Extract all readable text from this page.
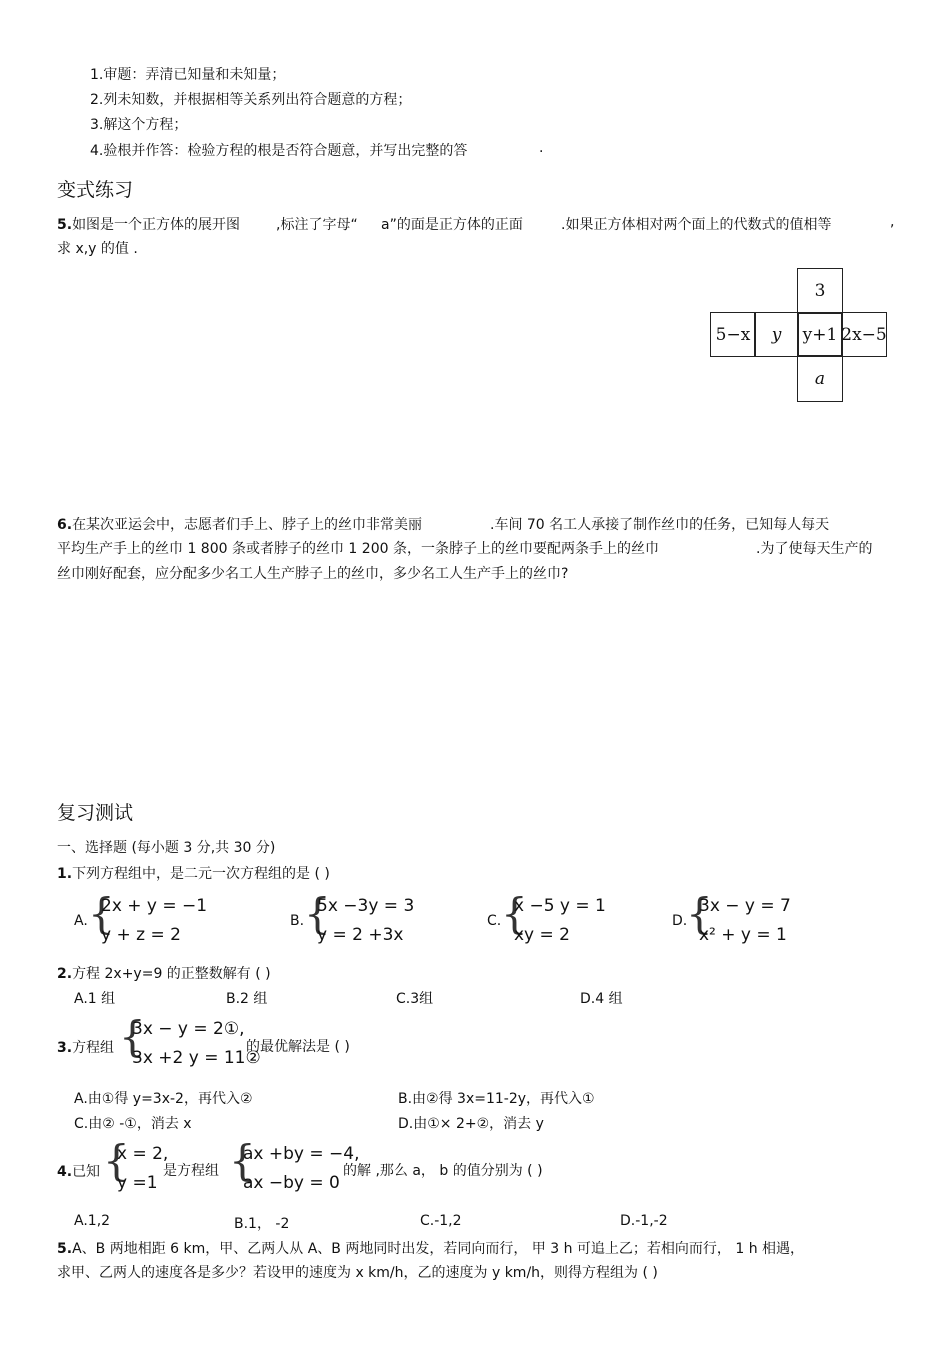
1.审题：弄清已知量和未知量；
2.列未知数，并根据相等关系列出符合题意的方程；
3.解这个方程；
4.验根并作答：检验方程的根是否符合题意，并写出完整的答	.
变式练习
5.如图是一个正方体的展开图	,标注了字母“ a”的面是正方体的正面	.如果正方体相对两个面上的代数式的值相等	,
求 x,y 的值 .
3
5−x	y	y+1 2x−5
a
6.在某次亚运会中，志愿者们手上、脖子上的丝巾非常美丽	.车间 70 名工人承接了制作丝巾的任务，已知每人每天
平均生产手上的丝巾 1 800 条或者脖子的丝巾 1 200 条，一条脖子上的丝巾要配两条手上的丝巾	.为了使每天生产的
丝巾刚好配套，应分配多少名工人生产脖子上的丝巾，多少名工人生产手上的丝巾?
复习测试
一、选择题 (每小题 3 分,共 30 分)
1.下列方程组中，是二元一次方程组的是 ( )
A. {
2x + y = −1
y + z = 2
B. {
5x −3y = 3
y = 2 +3x
C. {
x −5 y = 1
xy = 2
D.
{
3x − y = 7
x² + y = 1
2.方程 2x+y=9 的正整数解有 ( )
A.1 组	B.2 组	C.3组	D.4 组
3.方程组 {
3x − y = 2①,
3x +2 y = 11②
的最优解法是 ( )
A.由①得 y=3x-2，再代入②	B.由②得 3x=11-2y，再代入①
C.由② -①，消去 x	D.由①× 2+②，消去 y
4.已知 {
x = 2,
y =1
是方程组 {
ax +by = −4,
ax −by = 0
的解 ,那么 a， b 的值分别为 ( )
A.1,2	B.1， -2	C.-1,2	D.-1,-2
5.A、B 两地相距 6 km，甲、乙两人从 A、B 两地同时出发，若同向而行， 甲 3 h 可追上乙；若相向而行， 1 h 相遇，
求甲、乙两人的速度各是多少？若设甲的速度为 x km/h，乙的速度为 y km/h，则得方程组为 ( )
